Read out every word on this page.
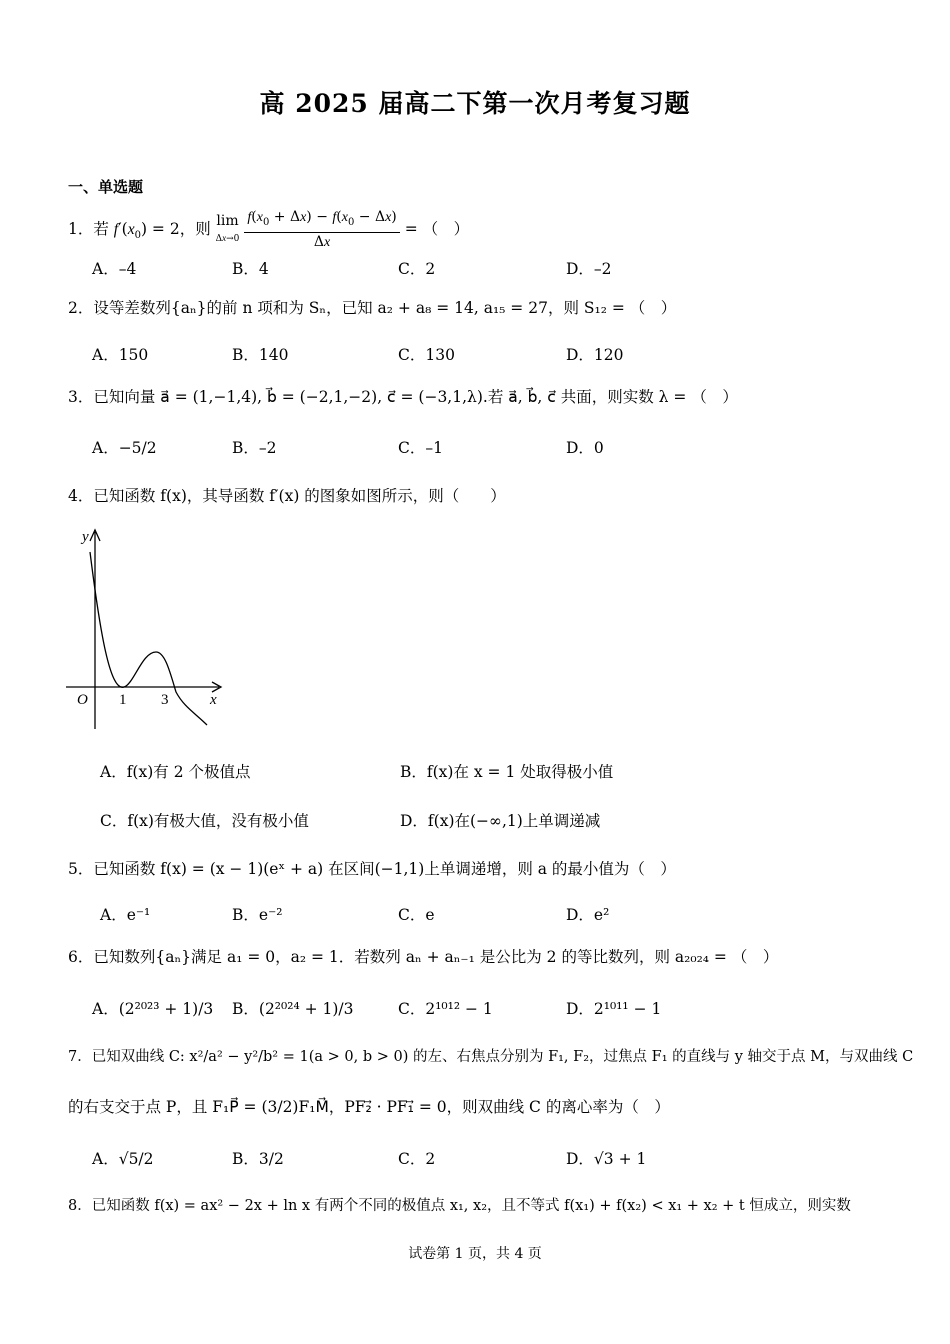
高 2025 届高二下第一次月考复习题
一、单选题
1．若 $f'(x_0) = 2$，则 lim
$\Delta x\to 0 \frac{f(x_0 + \Delta x) - f(x_0 - \Delta x)}{\Delta x}$ = （　）
A．–4	B．4	C．2	D．–2
2．设等差数列{aₙ}的前 n 项和为 Sₙ，已知 a₂ + a₈ = 14, a₁₅ = 27，则 S₁₂ = （　）
A．150	B．140	C．130	D．120
3．已知向量 a⃗ = (1,−1,4), b⃗ = (−2,1,−2), c⃗ = (−3,1,λ).若 a⃗, b⃗, c⃗ 共面，则实数 λ = （　）
A．−5/2	B．–2	C．–1	D．0
4．已知函数 f(x)，其导函数 f′(x) 的图象如图所示，则（　　）
y
x
O 1 3
A．f(x)有 2 个极值点	B．f(x)在 x = 1 处取得极小值
C．f(x)有极大值，没有极小值	D．f(x)在(−∞,1)上单调递减
5．已知函数 f(x) = (x − 1)(eˣ + a) 在区间(−1,1)上单调递增，则 a 的最小值为（　）
A．e⁻¹	B．e⁻²	C．e	D．e²
6．已知数列{aₙ}满足 a₁ = 0，a₂ = 1．若数列 aₙ + aₙ₋₁ 是公比为 2 的等比数列，则 a₂₀₂₄ = （　）
A．(2²⁰²³ + 1)/3 B．(2²⁰²⁴ + 1)/3	C．2¹⁰¹² − 1	D．2¹⁰¹¹ − 1
7．已知双曲线 C: x²/a² − y²/b² = 1(a > 0, b > 0) 的左、右焦点分别为 F₁, F₂，过焦点 F₁ 的直线与 y 轴交于点 M，与双曲线 C
的右支交于点 P，且 F₁P⃗ = (3/2)F₁M⃗，PF₂⃗ · PF₁⃗ = 0，则双曲线 C 的离心率为（　）
A．√5/2	B．3/2	C．2	D．√3 + 1
8．已知函数 f(x) = ax² − 2x + ln x 有两个不同的极值点 x₁, x₂，且不等式 f(x₁) + f(x₂) < x₁ + x₂ + t 恒成立，则实数
试卷第 1 页，共 4 页
